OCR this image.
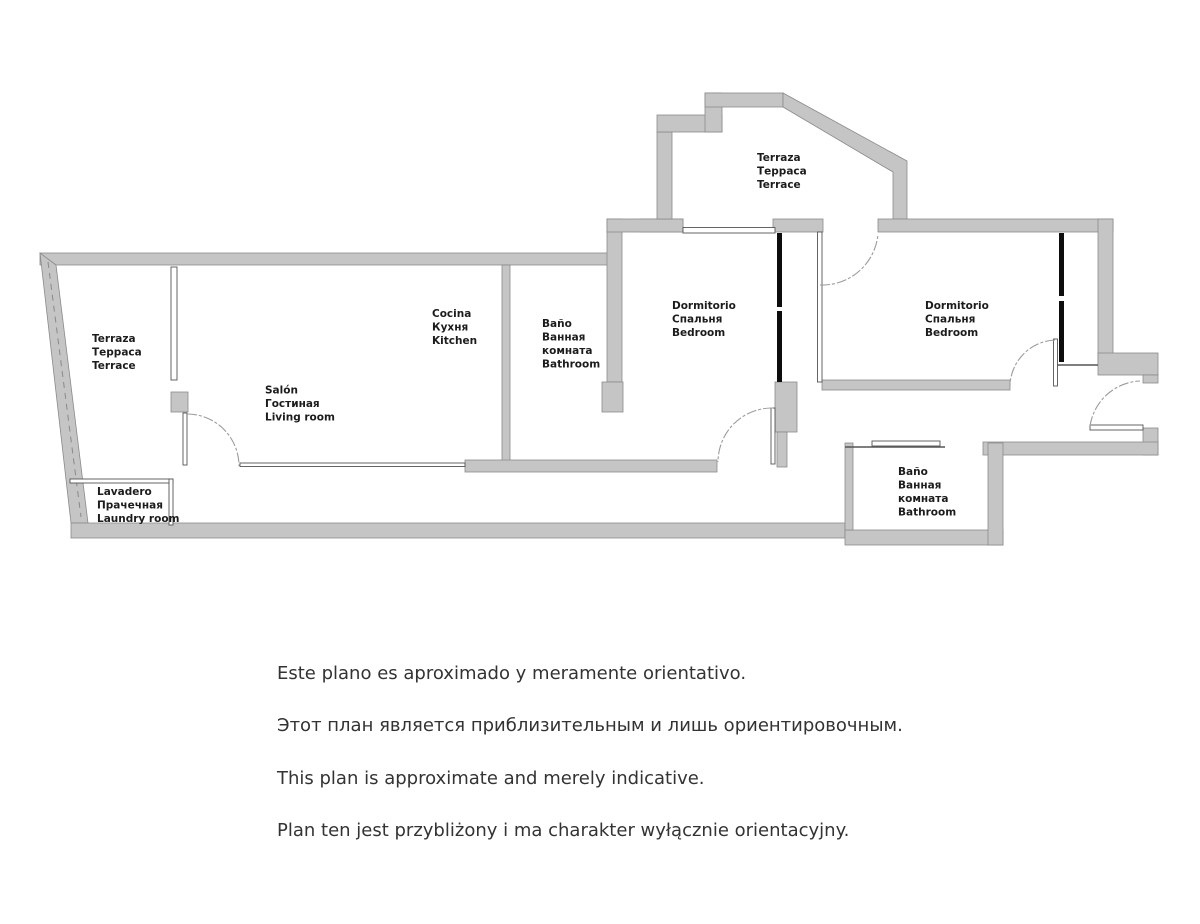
Terraza
Терраса
Terrace
Salón
Гостиная
Living room
Cocina
Кухня
Kitchen
Baño
Ванная
комната
Bathroom
Dormitorio
Спальня
Bedroom
Terraza
Терраса
Terrace
Dormitorio
Спальня
Bedroom
Baño
Ванная
комната
Bathroom
Lavadero
Прачечная
Laundry room
Este plano es aproximado y meramente orientativo.
Этот план является приблизительным и лишь ориентировочным.
This plan is approximate and merely indicative.
Plan ten jest przybliżony i ma charakter wyłącznie orientacyjny.
